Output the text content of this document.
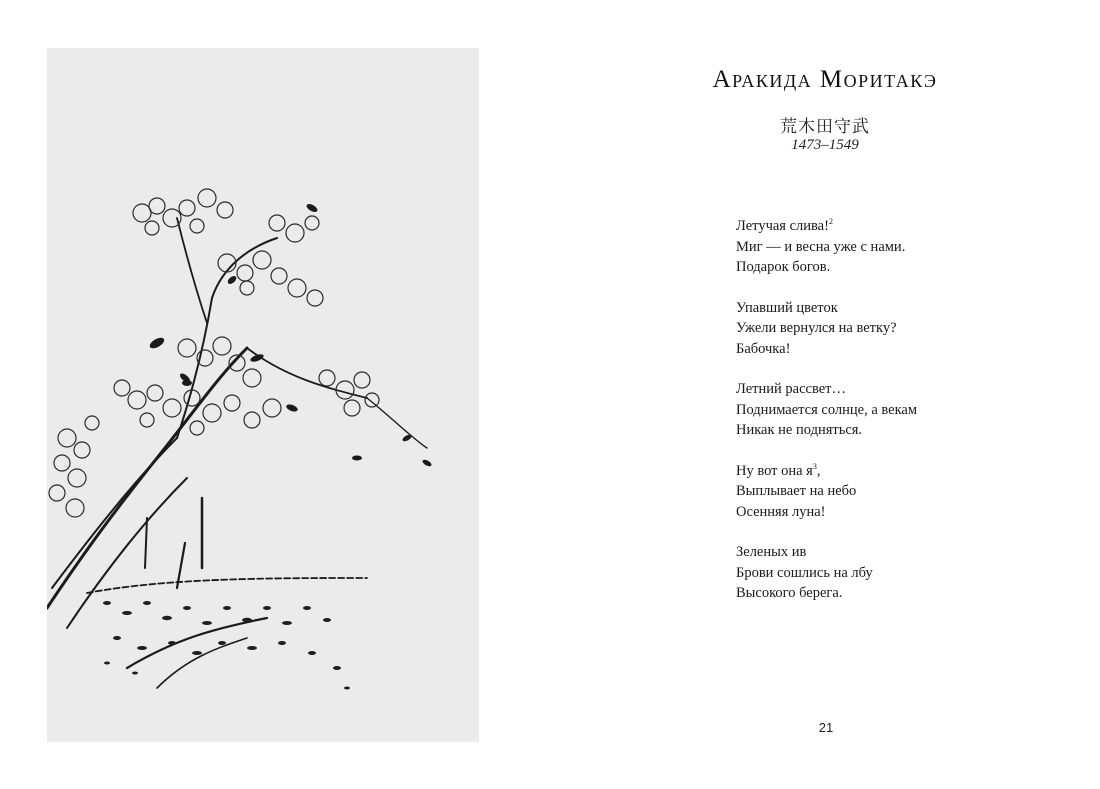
Аракида Моритакэ
荒木田守武
1473–1549
Летучая слива!$^2$
Миг — и весна уже с нами.
Подарок богов.
Упавший цветок
Ужели вернулся на ветку?
Бабочка!
Летний рассвет…
Поднимается солнце, а векам
Никак не подняться.
Ну вот она $я^3$,
Выплывает на небо
Осенняя луна!
Зеленых ив
Брови сошлись на лбу
Высокого берега.
21
